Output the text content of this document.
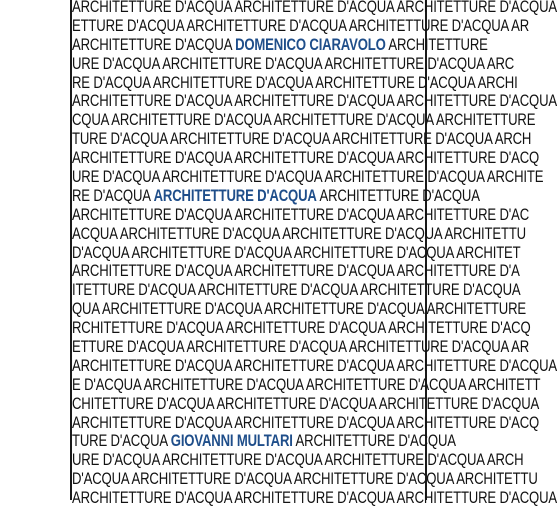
ARCHITETTURE D'ACQUA ARCHITETTURE D'ACQUA ARCHITETTURE D'ACQUA
ETTURE D'ACQUA ARCHITETTURE D'ACQUA ARCHITETTURE D'ACQUA AR
ARCHITETTURE D'ACQUA DOMENICO CIARAVOLO ARCHITETTURE
URE D'ACQUA ARCHITETTURE D'ACQUA ARCHITETTURE D'ACQUA ARC
RE D'ACQUA ARCHITETTURE D'ACQUA ARCHITETTURE D'ACQUA ARCHI
ARCHITETTURE D'ACQUA ARCHITETTURE D'ACQUA ARCHITETTURE D'ACQUA
CQUA ARCHITETTURE D'ACQUA ARCHITETTURE D'ACQUA ARCHITETTURE
TURE D'ACQUA ARCHITETTURE D'ACQUA ARCHITETTURE D'ACQUA ARCH
ARCHITETTURE D'ACQUA ARCHITETTURE D'ACQUA ARCHITETTURE D'ACQ
URE D'ACQUA ARCHITETTURE D'ACQUA ARCHITETTURE D'ACQUA ARCHITE
RE D'ACQUA ARCHITETTURE D'ACQUA ARCHITETTURE D'ACQUA
ARCHITETTURE D'ACQUA ARCHITETTURE D'ACQUA ARCHITETTURE D'AC
ACQUA ARCHITETTURE D'ACQUA ARCHITETTURE D'ACQUA ARCHITETTU
D'ACQUA ARCHITETTURE D'ACQUA ARCHITETTURE D'ACQUA ARCHITET
ARCHITETTURE D'ACQUA ARCHITETTURE D'ACQUA ARCHITETTURE D'A
ITETTURE D'ACQUA ARCHITETTURE D'ACQUA ARCHITETTURE D'ACQUA
QUA ARCHITETTURE D'ACQUA ARCHITETTURE D'ACQUA ARCHITETTURE
RCHITETTURE D'ACQUA ARCHITETTURE D'ACQUA ARCHITETTURE D'ACQ
ETTURE D'ACQUA ARCHITETTURE D'ACQUA ARCHITETTURE D'ACQUA AR
ARCHITETTURE D'ACQUA ARCHITETTURE D'ACQUA ARCHITETTURE D'ACQUA
E D'ACQUA ARCHITETTURE D'ACQUA ARCHITETTURE D'ACQUA ARCHITETT
CHITETTURE D'ACQUA ARCHITETTURE D'ACQUA ARCHITETTURE D'ACQUA
ARCHITETTURE D'ACQUA ARCHITETTURE D'ACQUA ARCHITETTURE D'ACQ
TURE D'ACQUA GIOVANNI MULTARI ARCHITETTURE D'ACQUA
URE D'ACQUA ARCHITETTURE D'ACQUA ARCHITETTURE D'ACQUA ARCH
D'ACQUA ARCHITETTURE D'ACQUA ARCHITETTURE D'ACQUA ARCHITETTU
ARCHITETTURE D'ACQUA ARCHITETTURE D'ACQUA ARCHITETTURE D'ACQUA
